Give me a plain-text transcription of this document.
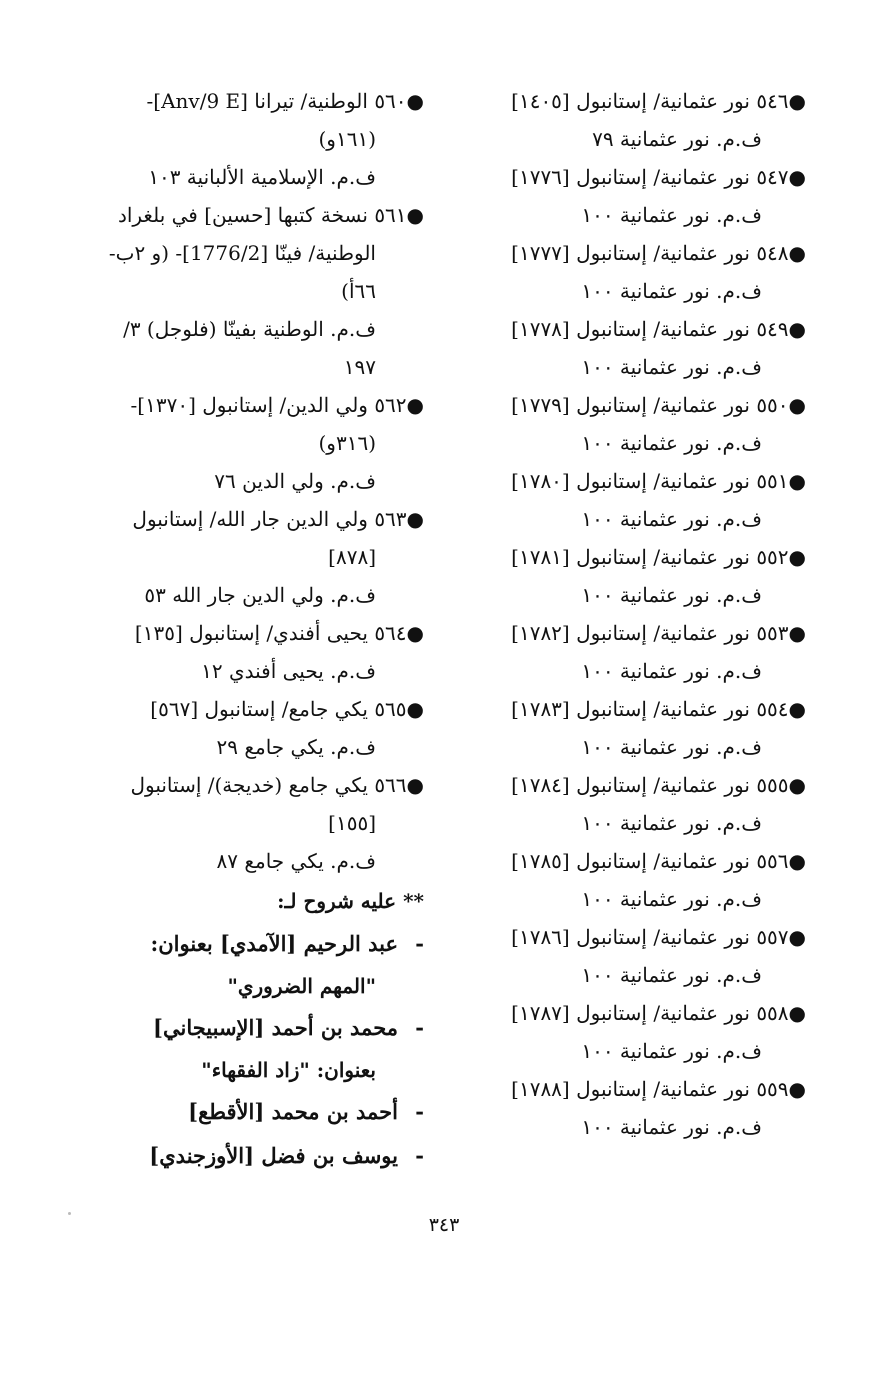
●٥٤٦ نور عثمانية/ إستانبول [١٤٠٥]
ف.م. نور عثمانية ٧٩
●٥٤٧ نور عثمانية/ إستانبول [١٧٧٦]
ف.م. نور عثمانية ١٠٠
●٥٤٨ نور عثمانية/ إستانبول [١٧٧٧]
ف.م. نور عثمانية ١٠٠
●٥٤٩ نور عثمانية/ إستانبول [١٧٧٨]
ف.م. نور عثمانية ١٠٠
●٥٥٠ نور عثمانية/ إستانبول [١٧٧٩]
ف.م. نور عثمانية ١٠٠
●٥٥١ نور عثمانية/ إستانبول [١٧٨٠]
ف.م. نور عثمانية ١٠٠
●٥٥٢ نور عثمانية/ إستانبول [١٧٨١]
ف.م. نور عثمانية ١٠٠
●٥٥٣ نور عثمانية/ إستانبول [١٧٨٢]
ف.م. نور عثمانية ١٠٠
●٥٥٤ نور عثمانية/ إستانبول [١٧٨٣]
ف.م. نور عثمانية ١٠٠
●٥٥٥ نور عثمانية/ إستانبول [١٧٨٤]
ف.م. نور عثمانية ١٠٠
●٥٥٦ نور عثمانية/ إستانبول [١٧٨٥]
ف.م. نور عثمانية ١٠٠
●٥٥٧ نور عثمانية/ إستانبول [١٧٨٦]
ف.م. نور عثمانية ١٠٠
●٥٥٨ نور عثمانية/ إستانبول [١٧٨٧]
ف.م. نور عثمانية ١٠٠
●٥٥٩ نور عثمانية/ إستانبول [١٧٨٨]
ف.م. نور عثمانية ١٠٠
●٥٦٠ الوطنية/ تيرانا [Anv/9 E]-
(١٦١و)
ف.م. الإسلامية الألبانية ١٠٣
●٥٦١ نسخة كتبها [حسين] في بلغراد
الوطنية/ فينّا [1776/2]- (و ٢ب-
٦٦أ)
ف.م. الوطنية بفينّا (فلوجل) ٣/
١٩٧
●٥٦٢ ولي الدين/ إستانبول [١٣٧٠]-
(٣١٦و)
ف.م. ولي الدين ٧٦
●٥٦٣ ولي الدين جار الله/ إستانبول
[٨٧٨]
ف.م. ولي الدين جار الله ٥٣
●٥٦٤ يحيى أفندي/ إستانبول [١٣٥]
ف.م. يحيى أفندي ١٢
●٥٦٥ يكي جامع/ إستانبول [٥٦٧]
ف.م. يكي جامع ٢٩
●٥٦٦ يكي جامع (خديجة)/ إستانبول
[١٥٥]
ف.م. يكي جامع ٨٧
** عليه شروح لـ:
-عبد الرحيم [الآمدي] بعنوان:
"المهم الضروري"
-محمد بن أحمد [الإسبيجاني]
بعنوان: "زاد الفقهاء"
-أحمد بن محمد [الأقطع]
-يوسف بن فضل [الأوزجندي]
٣٤٣
